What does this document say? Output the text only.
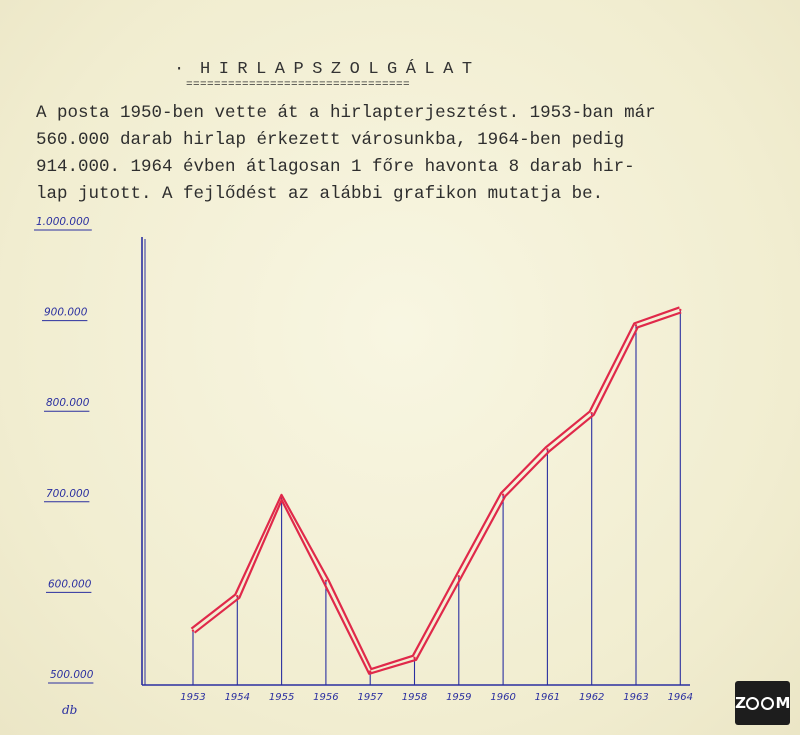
· HIRLAPSZOLGÁLAT
================================

A posta 1950-ben vette át a hirlapterjesztést. 1953-ban már
560.000 darab hirlap érkezett városunkba, 1964-ben pedig
914.000. 1964 évben átlagosan 1 főre havonta 8 darab hir-
lap jutott. A fejlődést az alábbi grafikon mutatja be.

500.000
600.000
700.000
800.000
900.000
1.000.000
db
1953 1954 1955 1956 1957 1958 1959 1960 1961 1962 1963 1964	Z M
